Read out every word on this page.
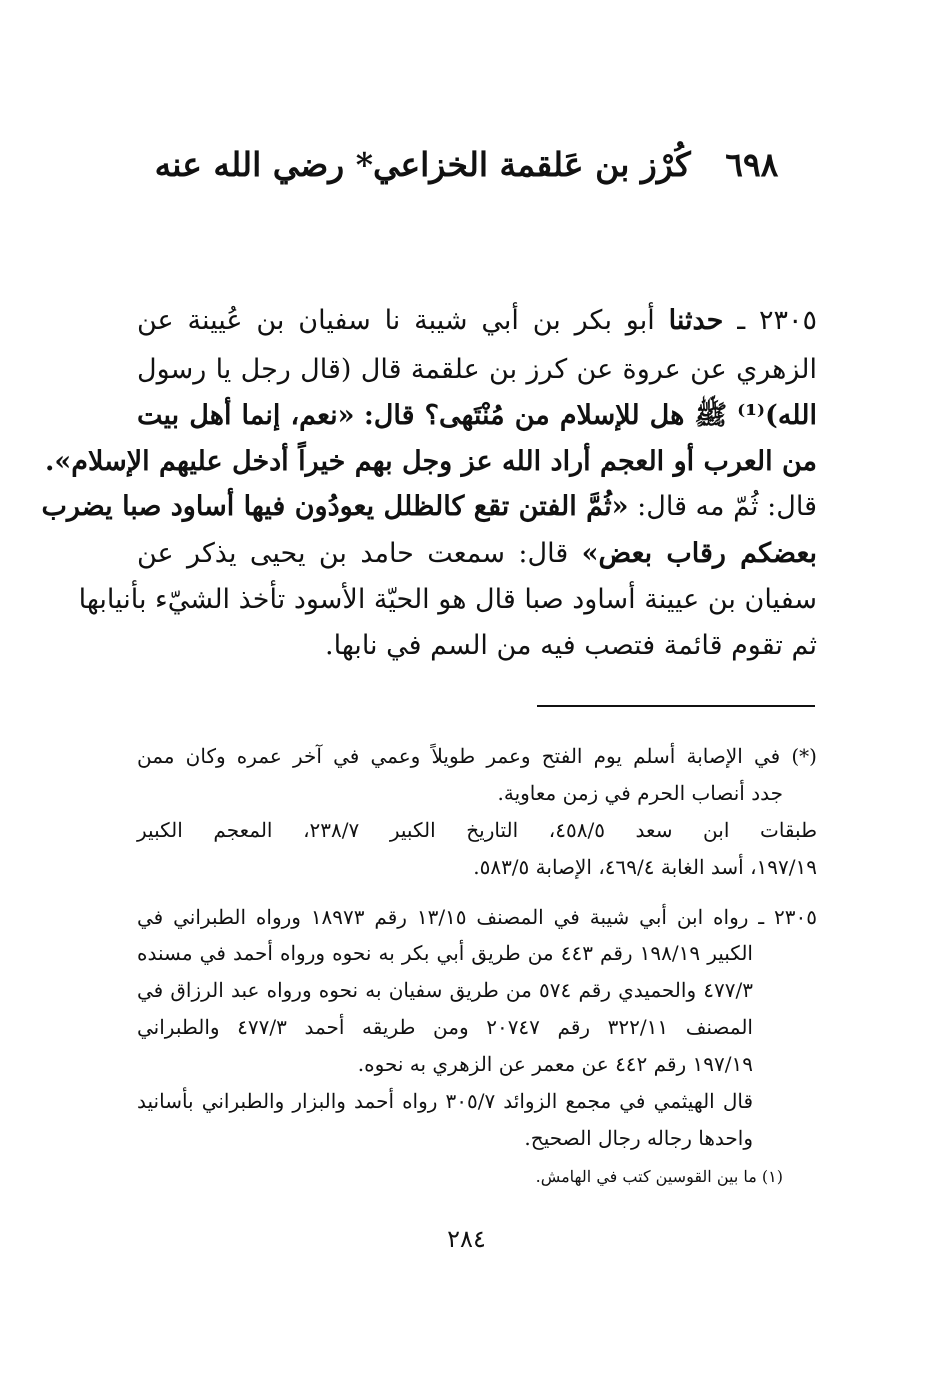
٦٩٨   كُرْز بن عَلقمة الخزاعي* رضي الله عنه
٢٣٠٥ ـ حدثنا أبو بكر بن أبي شيبة نا سفيان بن عُيينة عن
الزهري عن عروة عن كرز بن علقمة قال (قال رجل يا رسول
الله)⁽¹⁾ ﷺ هل للإسلام من مُنْتَهى؟ قال: «نعم، إنما أهل بيت
من العرب أو العجم أراد الله عز وجل بهم خيراً أدخل عليهم الإسلام».
قال: ثُمّ مه قال: «ثُمَّ الفتن تقع كالظلل يعودُون فيها أساود صبا يضرب
بعضكم رقاب بعض» قال: سمعت حامد بن يحيى يذكر عن
سفيان بن عيينة أساود صبا قال هو الحيّة الأسود تأخذ الشيّء بأنيابها
ثم تقوم قائمة فتصب فيه من السم في نابها.
(*) في الإصابة أسلم يوم الفتح وعمر طويلاً وعمي في آخر عمره وكان ممن
جدد أنصاب الحرم في زمن معاوية.
طبقات ابن سعد ٤٥٨/٥، التاريخ الكبير ٢٣٨/٧، المعجم الكبير
١٩٧/١٩، أسد الغابة ٤٦٩/٤، الإصابة ٥٨٣/٥.
٢٣٠٥ ـ رواه ابن أبي شيبة في المصنف ١٣/١٥ رقم ١٨٩٧٣ ورواه الطبراني في
الكبير ١٩٨/١٩ رقم ٤٤٣ من طريق أبي بكر به نحوه ورواه أحمد في مسنده
٤٧٧/٣ والحميدي رقم ٥٧٤ من طريق سفيان به نحوه ورواه عبد الرزاق في
المصنف ٣٢٢/١١ رقم ٢٠٧٤٧ ومن طريقه أحمد ٤٧٧/٣ والطبراني
١٩٧/١٩ رقم ٤٤٢ عن معمر عن الزهري به نحوه.
قال الهيثمي في مجمع الزوائد ٣٠٥/٧ رواه أحمد والبزار والطبراني بأسانيد
واحدها رجاله رجال الصحيح.
(١) ما بين القوسين كتب في الهامش.
٢٨٤
